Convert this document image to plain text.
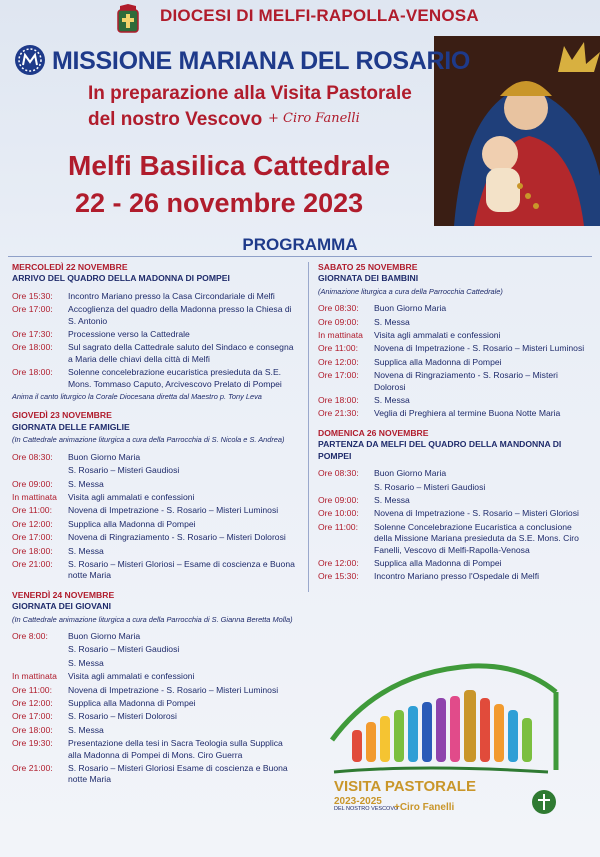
DIOCESI DI MELFI-RAPOLLA-VENOSA
MISSIONE MARIANA DEL ROSARIO
In preparazione alla Visita Pastorale
del nostro Vescovo + Ciro Fanelli
Melfi Basilica Cattedrale
22 - 26 novembre 2023
PROGRAMMA
MERCOLEDÌ 22 NOVEMBRE
ARRIVO DEL QUADRO DELLA MADONNA DI POMPEI
Ore 15:30:	Incontro Mariano presso la Casa Circondariale di Melfi
Ore 17:00:	Accoglienza del quadro della Madonna presso la Chiesa di S. Antonio
Ore 17:30:	Processione verso la Cattedrale
Ore 18:00:	Sul sagrato della Cattedrale saluto del Sindaco e consegna a Maria delle chiavi della città di Melfi
Ore 18:00:	Solenne concelebrazione eucaristica presieduta da S.E. Mons. Tommaso Caputo, Arcivescovo Prelato di Pompei
Anima il canto liturgico la Corale Diocesana diretta dal Maestro p. Tony Leva
GIOVEDÌ 23 NOVEMBRE
GIORNATA DELLE FAMIGLIE
(In Cattedrale animazione liturgica a cura della Parrocchia di S. Nicola e S. Andrea)
Ore 08:30:	Buon Giorno Maria
S. Rosario – Misteri Gaudiosi
Ore 09:00:	S. Messa
In mattinata	Visita agli ammalati e confessioni
Ore 11:00:	Novena di Impetrazione - S. Rosario – Misteri Luminosi
Ore 12:00:	Supplica alla Madonna di Pompei
Ore 17:00:	Novena di Ringraziamento - S. Rosario – Misteri Dolorosi
Ore 18:00:	S. Messa
Ore 21:00:	S. Rosario – Misteri Gloriosi – Esame di coscienza e Buona notte Maria
VENERDÌ 24 NOVEMBRE
GIORNATA DEI GIOVANI
(In Cattedrale animazione liturgica a cura della Parrocchia di S. Gianna Beretta Molla)
Ore 8:00:	Buon Giorno Maria
S. Rosario – Misteri Gaudiosi
S. Messa
In mattinata	Visita agli ammalati e confessioni
Ore 11:00:	Novena di Impetrazione - S. Rosario – Misteri Luminosi
Ore 12:00:	Supplica alla Madonna di Pompei
Ore 17:00:	S. Rosario – Misteri Dolorosi
Ore 18:00:	S. Messa
Ore 19:30:	Presentazione della tesi in Sacra Teologia sulla Supplica alla Madonna di Pompei di Mons. Ciro Guerra
Ore 21:00:	S. Rosario – Misteri Gloriosi Esame di coscienza e Buona notte Maria
SABATO 25 NOVEMBRE
GIORNATA DEI BAMBINI
(Animazione liturgica a cura della Parrocchia Cattedrale)
Ore 08:30:	Buon Giorno Maria
Ore 09:00:	S. Messa
In mattinata	Visita agli ammalati e confessioni
Ore 11:00:	Novena di Impetrazione - S. Rosario – Misteri Luminosi
Ore 12:00:	Supplica alla Madonna di Pompei
Ore 17:00:	Novena di Ringraziamento - S. Rosario – Misteri Dolorosi
Ore 18:00:	S. Messa
Ore 21:30:	Veglia di Preghiera al termine Buona Notte Maria
DOMENICA 26 NOVEMBRE
PARTENZA DA MELFI DEL QUADRO DELLA MANDONNA DI POMPEI
Ore 08:30:	Buon Giorno Maria
S. Rosario – Misteri Gaudiosi
Ore 09:00:	S. Messa
Ore 10:00:	Novena di Impetrazione - S. Rosario – Misteri Gloriosi
Ore 11:00:	Solenne Concelebrazione Eucaristica a conclusione della Missione Mariana presieduta da S.E. Mons. Ciro Fanelli, Vescovo di Melfi-Rapolla-Venosa
Ore 12:00:	Supplica alla Madonna di Pompei
Ore 15:30:	Incontro Mariano presso l'Ospedale di Melfi
VISITA PASTORALE
2023-2025
DEL NOSTRO VESCOVO
+Ciro Fanelli
